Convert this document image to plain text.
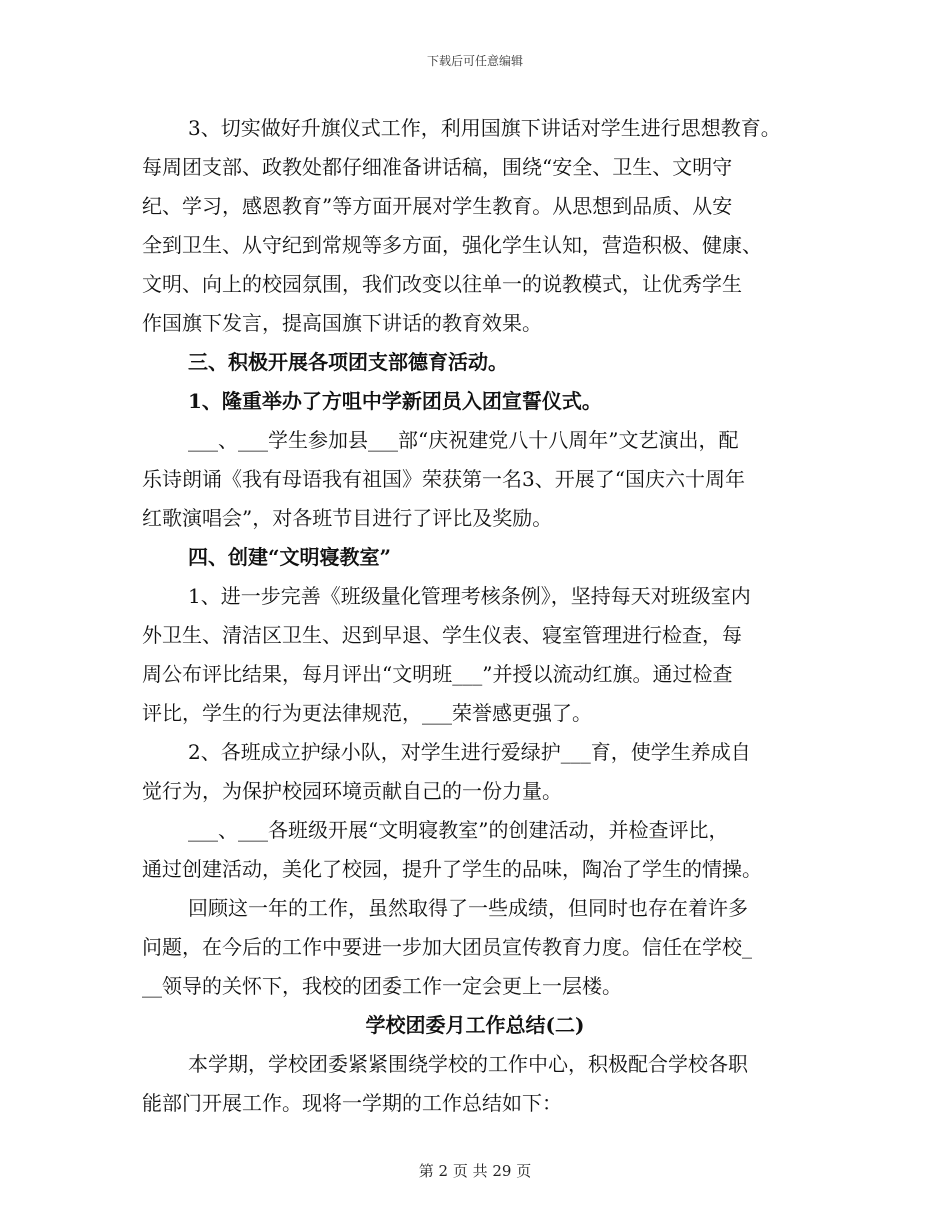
下载后可任意编辑
3、切实做好升旗仪式工作，利用国旗下讲话对学生进行思想教育。
每周团支部、政教处都仔细准备讲话稿，围绕“安全、卫生、文明守
纪、学习，感恩教育”等方面开展对学生教育。从思想到品质、从安
全到卫生、从守纪到常规等多方面，强化学生认知，营造积极、健康、
文明、向上的校园氛围，我们改变以往单一的说教模式，让优秀学生
作国旗下发言，提高国旗下讲话的教育效果。
三、积极开展各项团支部德育活动。
1、隆重举办了方咀中学新团员入团宣誓仪式。
___、___学生参加县___部“庆祝建党八十八周年”文艺演出，配
乐诗朗诵《我有母语我有祖国》荣获第一名3、开展了“国庆六十周年
红歌演唱会”，对各班节目进行了评比及奖励。
四、创建“文明寝教室”
1、进一步完善《班级量化管理考核条例》，坚持每天对班级室内
外卫生、清洁区卫生、迟到早退、学生仪表、寝室管理进行检查，每
周公布评比结果，每月评出“文明班___”并授以流动红旗。通过检查
评比，学生的行为更法律规范，___荣誉感更强了。
2、各班成立护绿小队，对学生进行爱绿护___育，使学生养成自
觉行为，为保护校园环境贡献自己的一份力量。
___、___各班级开展“文明寝教室”的创建活动，并检查评比，
通过创建活动，美化了校园，提升了学生的品味，陶冶了学生的情操。
回顾这一年的工作，虽然取得了一些成绩，但同时也存在着许多
问题，在今后的工作中要进一步加大团员宣传教育力度。信任在学校_
__领导的关怀下，我校的团委工作一定会更上一层楼。
学校团委月工作总结(二)
本学期，学校团委紧紧围绕学校的工作中心，积极配合学校各职
能部门开展工作。现将一学期的工作总结如下：
第 2 页 共 29 页
